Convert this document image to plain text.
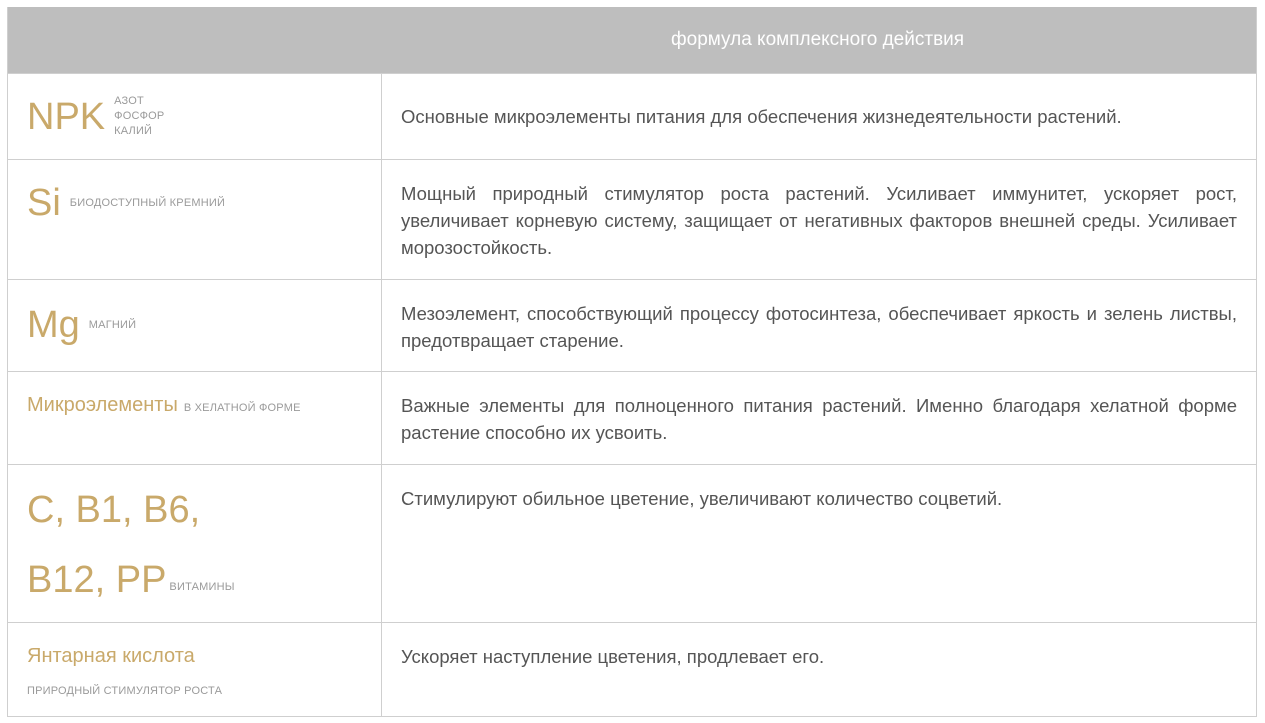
формула комплексного действия
NPK АЗОТ
ФОСФОР
КАЛИЙ
Основные микроэлементы питания для обеспечения жизнедеятельности растений.
Si БИОДОСТУПНЫЙ КРЕМНИЙ	Мощный природный стимулятор роста растений. Усиливает иммунитет, ускоряет рост, увеличивает корневую систему, защищает от негативных факторов внешней среды. Усиливает морозостойкость.
Mg МАГНИЙ
Мезоэлемент, способствующий процессу фотосинтеза, обеспечивает яркость и зелень листвы, предотвращает старение.
Микроэлементы В ХЕЛАТНОЙ ФОРМЕ	Важные элементы для полноценного питания растений. Именно благодаря хелатной форме растение способно их усвоить.
С, В1, В6,
В12, РР ВИТАМИНЫ
Стимулируют обильное цветение, увеличивают количество соцветий.
Янтарная кислота
ПРИРОДНЫЙ СТИМУЛЯТОР РОСТА
Ускоряет наступление цветения, продлевает его.
